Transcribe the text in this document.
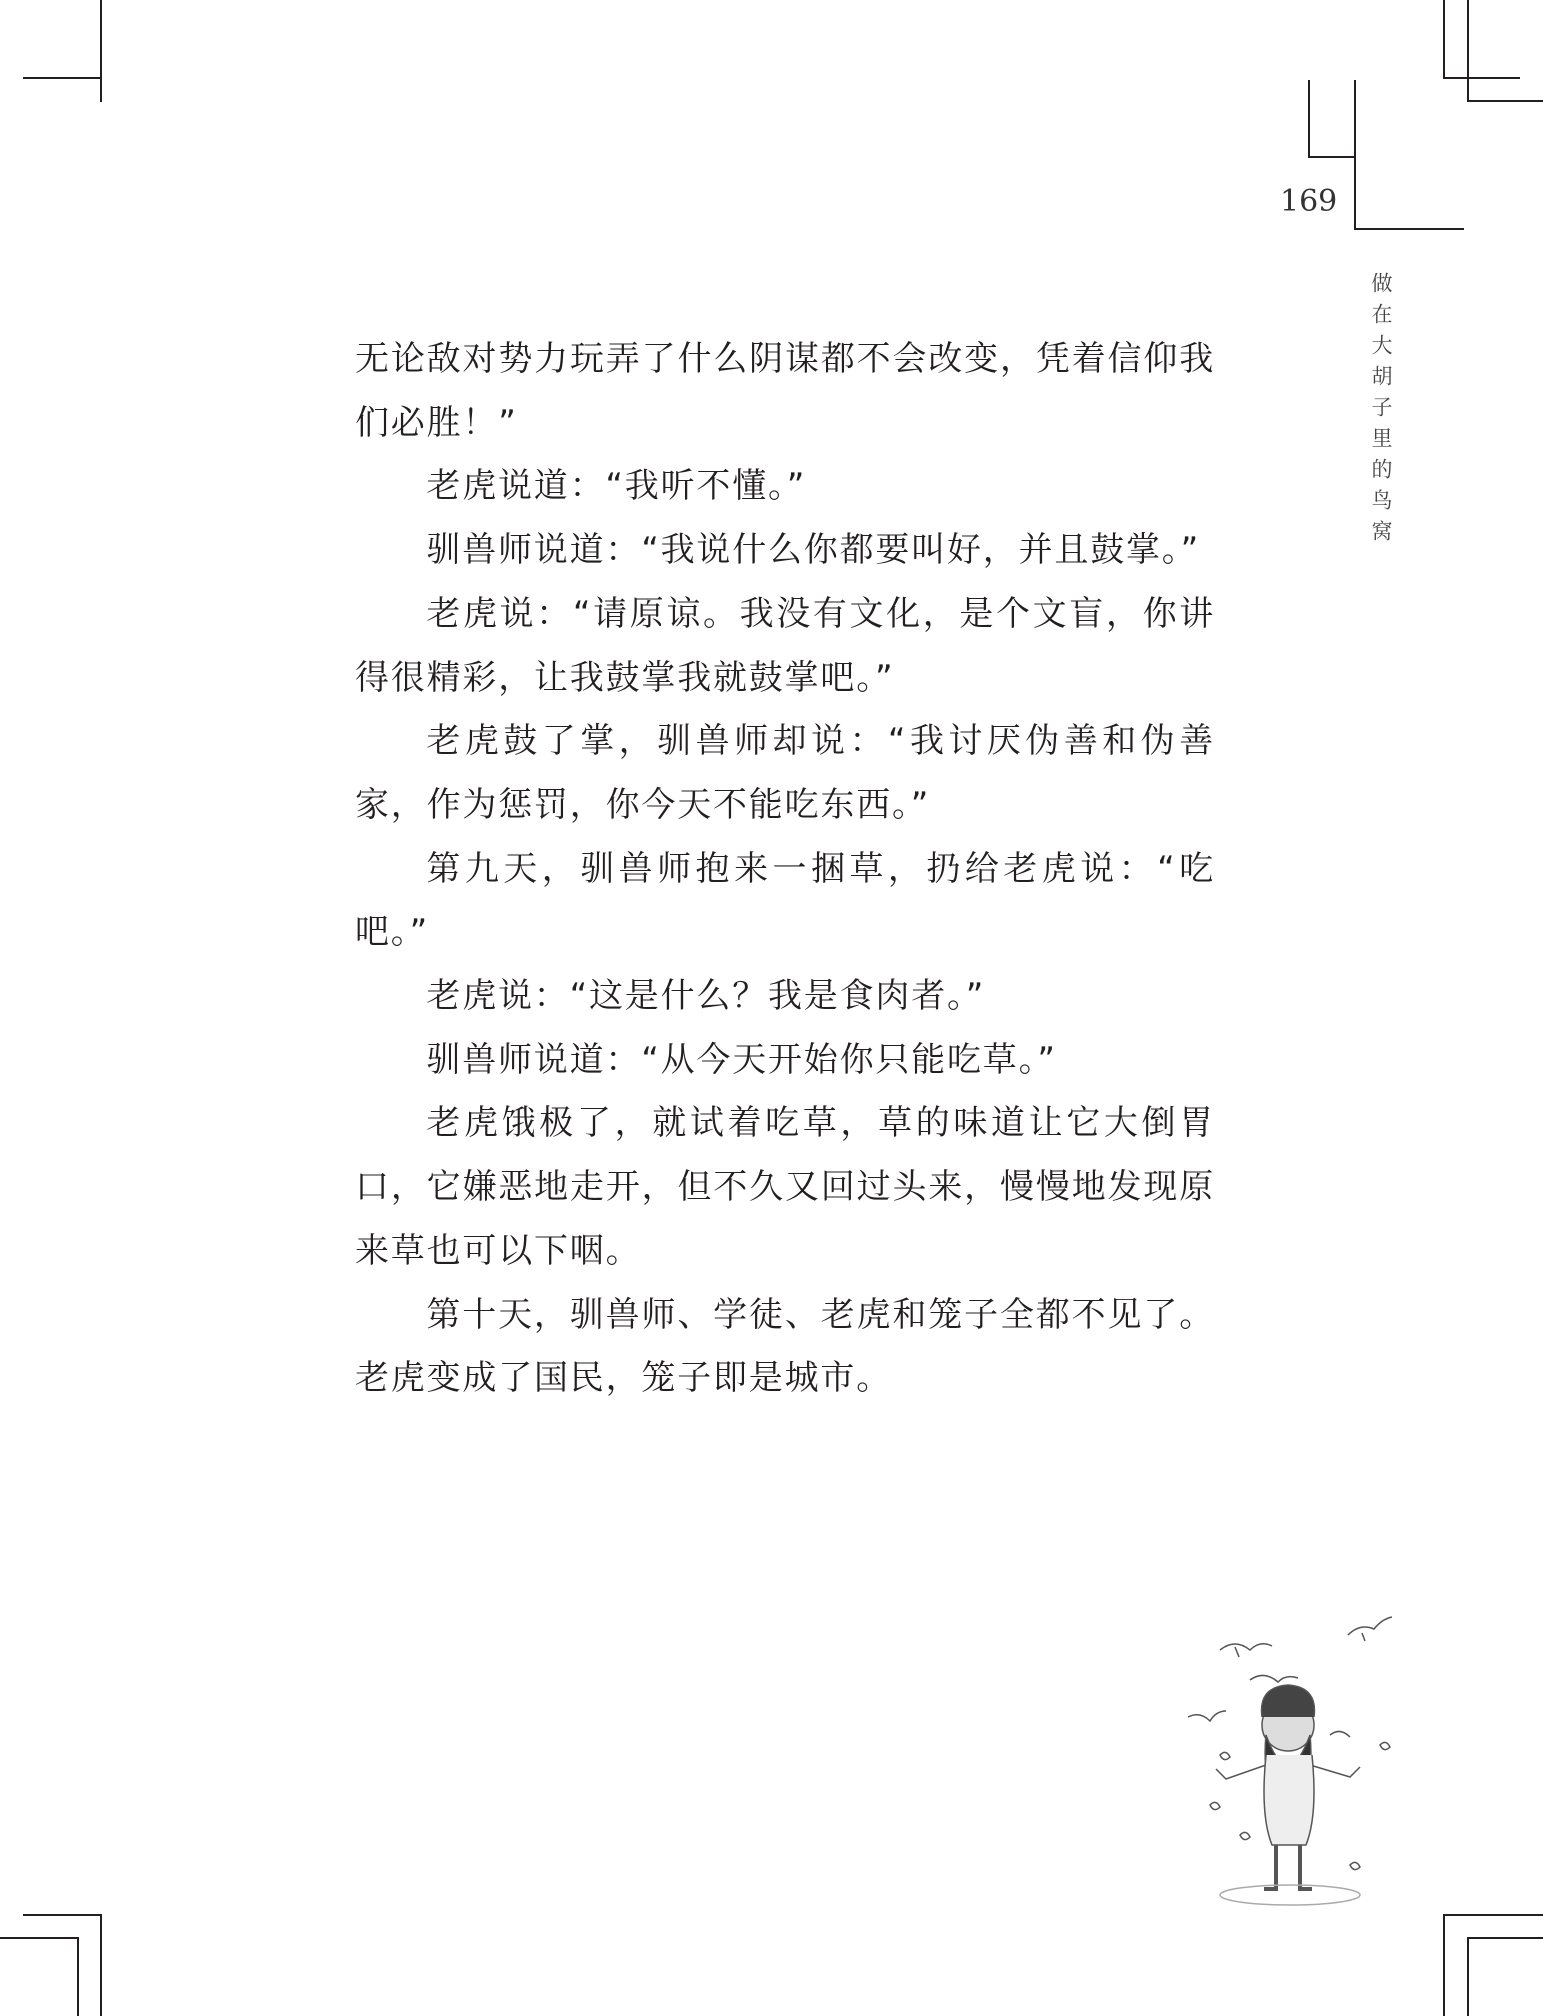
169
做在大胡子里的鸟窝

无论敌对势力玩弄了什么阴谋都不会改变，凭着信仰我们必胜！”

老虎说道：“我听不懂。”

驯兽师说道：“我说什么你都要叫好，并且鼓掌。”

老虎说：“请原谅。我没有文化，是个文盲，你讲得很精彩，让我鼓掌我就鼓掌吧。”

老虎鼓了掌，驯兽师却说：“我讨厌伪善和伪善家，作为惩罚，你今天不能吃东西。”

第九天，驯兽师抱来一捆草，扔给老虎说：“吃吧。”

老虎说：“这是什么？我是食肉者。”

驯兽师说道：“从今天开始你只能吃草。”

老虎饿极了，就试着吃草，草的味道让它大倒胃口，它嫌恶地走开，但不久又回过头来，慢慢地发现原来草也可以下咽。

第十天，驯兽师、学徒、老虎和笼子全都不见了。老虎变成了国民，笼子即是城市。
